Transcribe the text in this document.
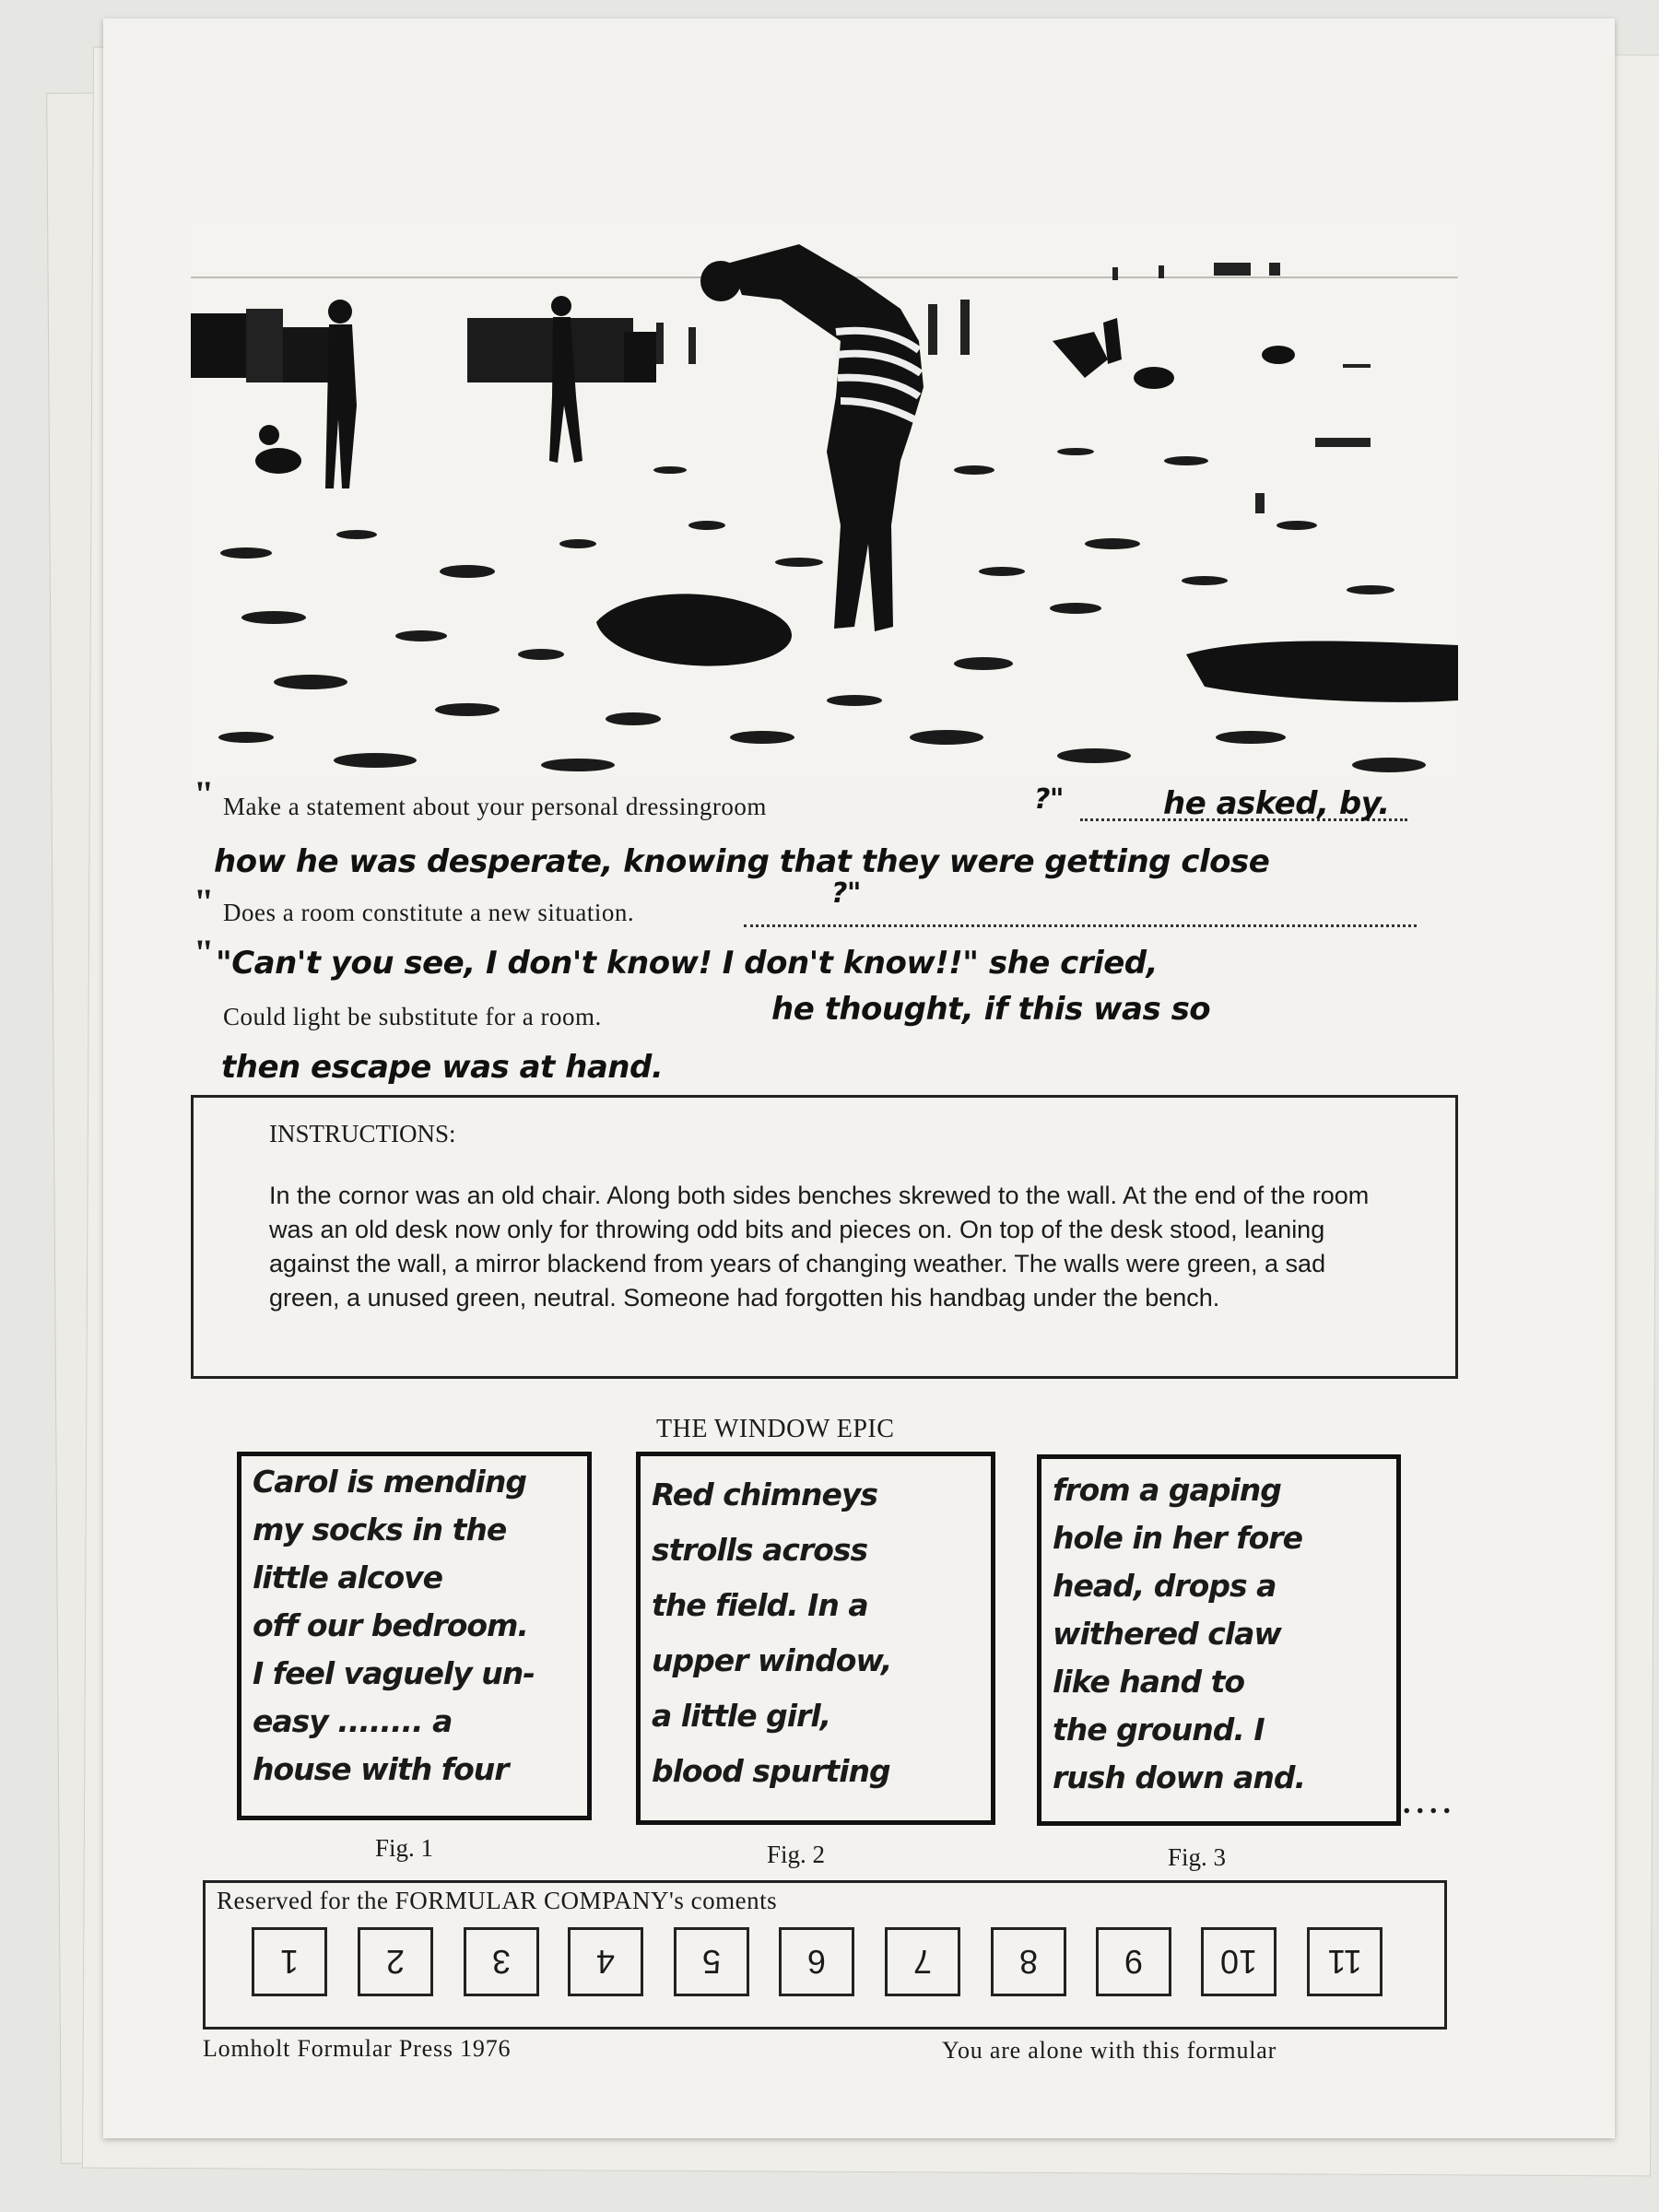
" Make a statement about your personal dressingroom	?"	he asked, by.
how he was desperate, knowing that they were getting close
" Does a room constitute a new situation.
?"
" "Can't you see, I don't know! I don't know!!" she cried,
Could light be substitute for a room.	he thought, if this was so
then escape was at hand.
INSTRUCTIONS:
In the cornor was an old chair. Along both sides benches skrewed to the wall. At the end of the room was an old desk now only for throwing odd bits and pieces on. On top of the desk stood, leaning against the wall, a mirror blackend from years of changing weather. The walls were green, a sad green, a unused green, neutral. Someone had forgotten his handbag under the bench.
THE WINDOW EPIC
Carol is mending
my socks in the
little alcove
off our bedroom.
I feel vaguely un-
easy ........ a
house with four
Fig. 1
Red chimneys
strolls across
the field. In a
upper window,
a little girl,
blood spurting
Fig. 2
from a gaping
hole in her fore
head, drops a
withered claw
like hand to
the ground. I
rush down and.
....
Fig. 3
Reserved for the FORMULAR COMPANY's coments
1	2	3	4	5	6	7	8	9	10	11
Lomholt Formular Press 1976	You are alone with this formular
